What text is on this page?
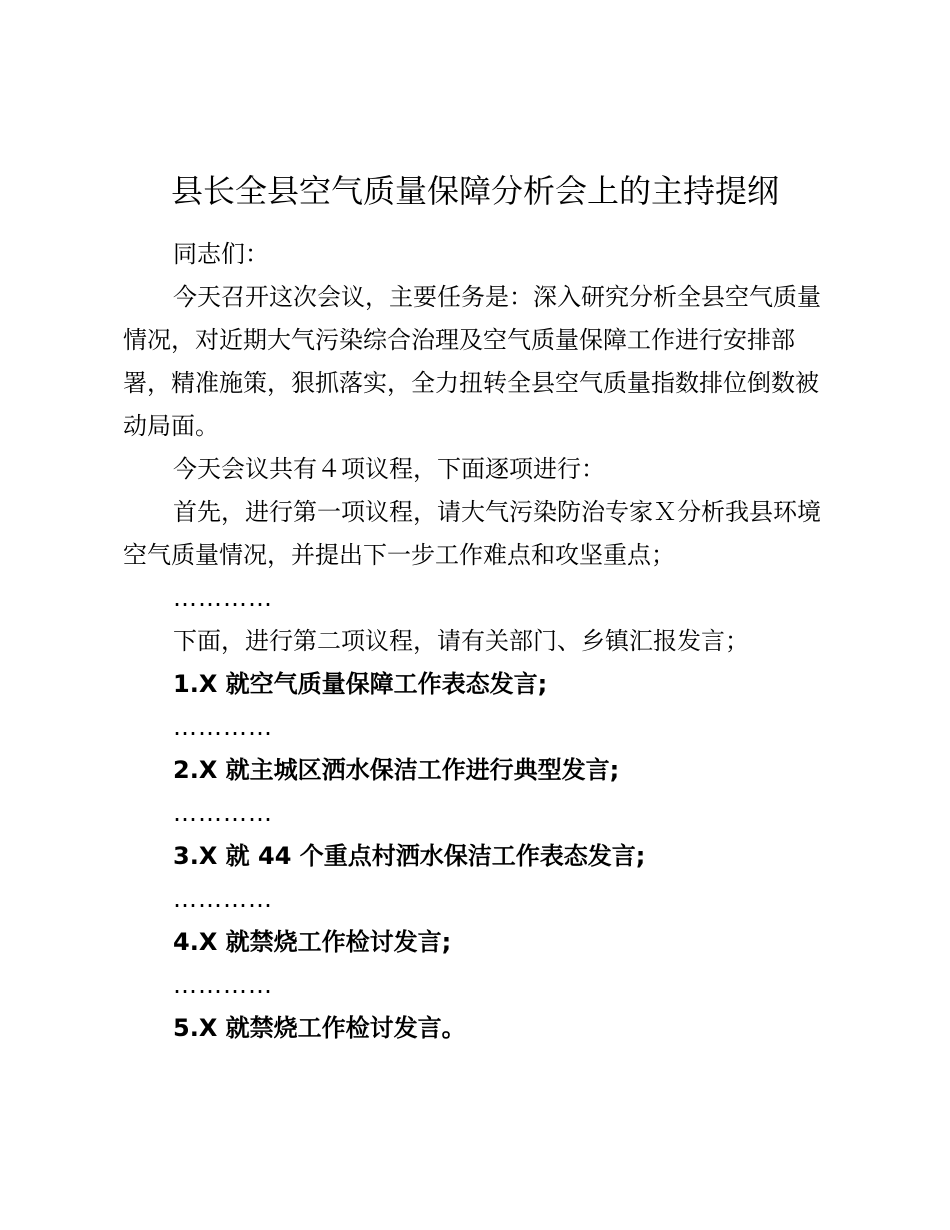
县长全县空气质量保障分析会上的主持提纲

同志们：

今天召开这次会议，主要任务是：深入研究分析全县空气质量情况，对近期大气污染综合治理及空气质量保障工作进行安排部署，精准施策，狠抓落实，全力扭转全县空气质量指数排位倒数被动局面。

今天会议共有４项议程，下面逐项进行：

首先，进行第一项议程，请大气污染防治专家Ｘ分析我县环境空气质量情况，并提出下一步工作难点和攻坚重点；

…………

下面，进行第二项议程，请有关部门、乡镇汇报发言；

1.X 就空气质量保障工作表态发言;

…………

2.X 就主城区洒水保洁工作进行典型发言;

…………

3.X 就 44 个重点村洒水保洁工作表态发言;

…………

4.X 就禁烧工作检讨发言;

…………

5.X 就禁烧工作检讨发言。
